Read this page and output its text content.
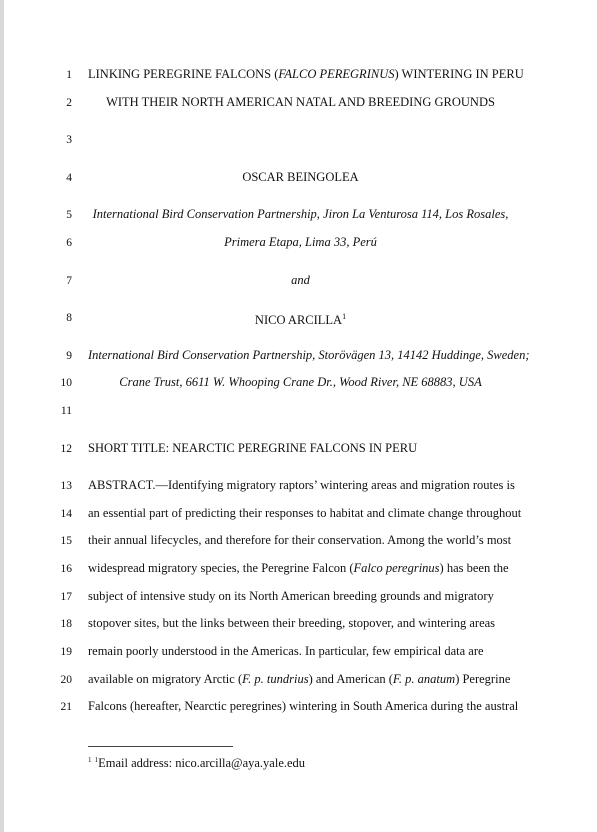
1
2
3
4
5
6
7
8
9
10
11
12
13
14
15
16
17
18
19
20
21
LINKING PEREGRINE FALCONS (FALCO PEREGRINUS) WINTERING IN PERU
WITH THEIR NORTH AMERICAN NATAL AND BREEDING GROUNDS
OSCAR BEINGOLEA
International Bird Conservation Partnership, Jiron La Venturosa 114, Los Rosales,
Primera Etapa, Lima 33, Perú
and
NICO ARCILLA$^1$
International Bird Conservation Partnership, Storövägen 13, 14142 Huddinge, Sweden;
Crane Trust, 6611 W. Whooping Crane Dr., Wood River, NE 68883, USA
SHORT TITLE: NEARCTIC PEREGRINE FALCONS IN PERU
ABSTRACT.—Identifying migratory raptors’ wintering areas and migration routes is
an essential part of predicting their responses to habitat and climate change throughout
their annual lifecycles, and therefore for their conservation. Among the world’s most
widespread migratory species, the Peregrine Falcon (Falco peregrinus) has been the
subject of intensive study on its North American breeding grounds and migratory
stopover sites, but the links between their breeding, stopover, and wintering areas
remain poorly understood in the Americas. In particular, few empirical data are
available on migratory Arctic (F. p. tundrius) and American (F. p. anatum) Peregrine
Falcons (hereafter, Nearctic peregrines) wintering in South America during the austral
$^1$ $^1$Email address: nico.arcilla@aya.yale.edu
